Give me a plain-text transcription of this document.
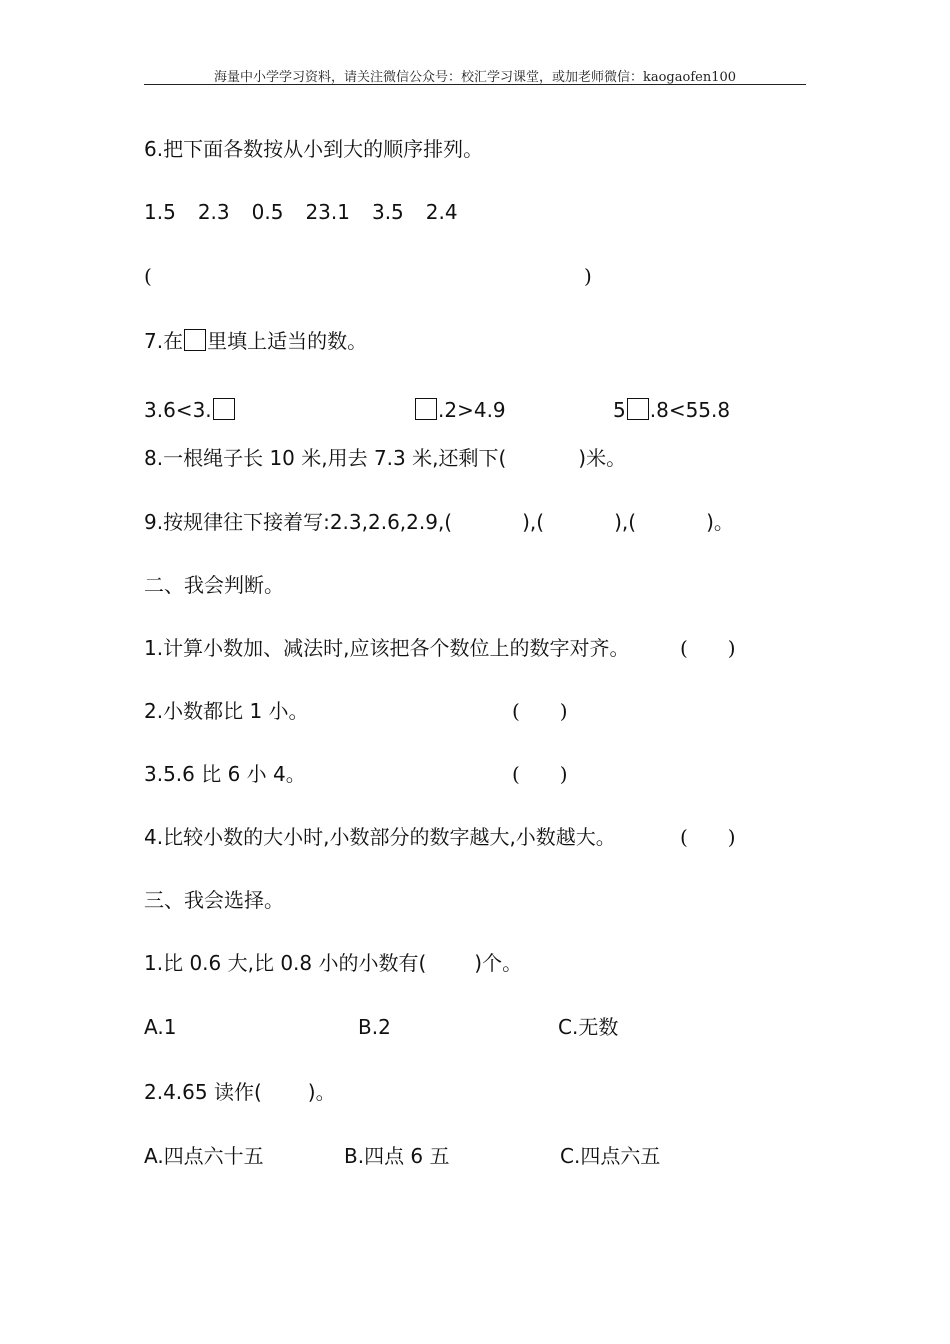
海量中小学学习资料，请关注微信公众号：校汇学习课堂，或加老师微信：kaogaofen100
6.把下面各数按从小到大的顺序排列。
1.5 2.3 0.5 23.1 3.5 2.4
(	)
7.在 里填上适当的数。
3.6<3.	.2>4.9	5 .8<55.8
8.一根绳子长 10 米,用去 7.3 米,还剩下(	)米。
9.按规律往下接着写:2.3,2.6,2.9,(	),(	),(	)。
二、我会判断。
1.计算小数加、减法时,应该把各个数位上的数字对齐。	(　　)
2.小数都比 1 小。	(　　)
3.5.6 比 6 小 4。	(　　)
4.比较小数的大小时,小数部分的数字越大,小数越大。	(　　)
三、我会选择。
1.比 0.6 大,比 0.8 小的小数有( )个。
A.1	B.2	C.无数
2.4.65 读作( )。
A.四点六十五	B.四点 6 五	C.四点六五
